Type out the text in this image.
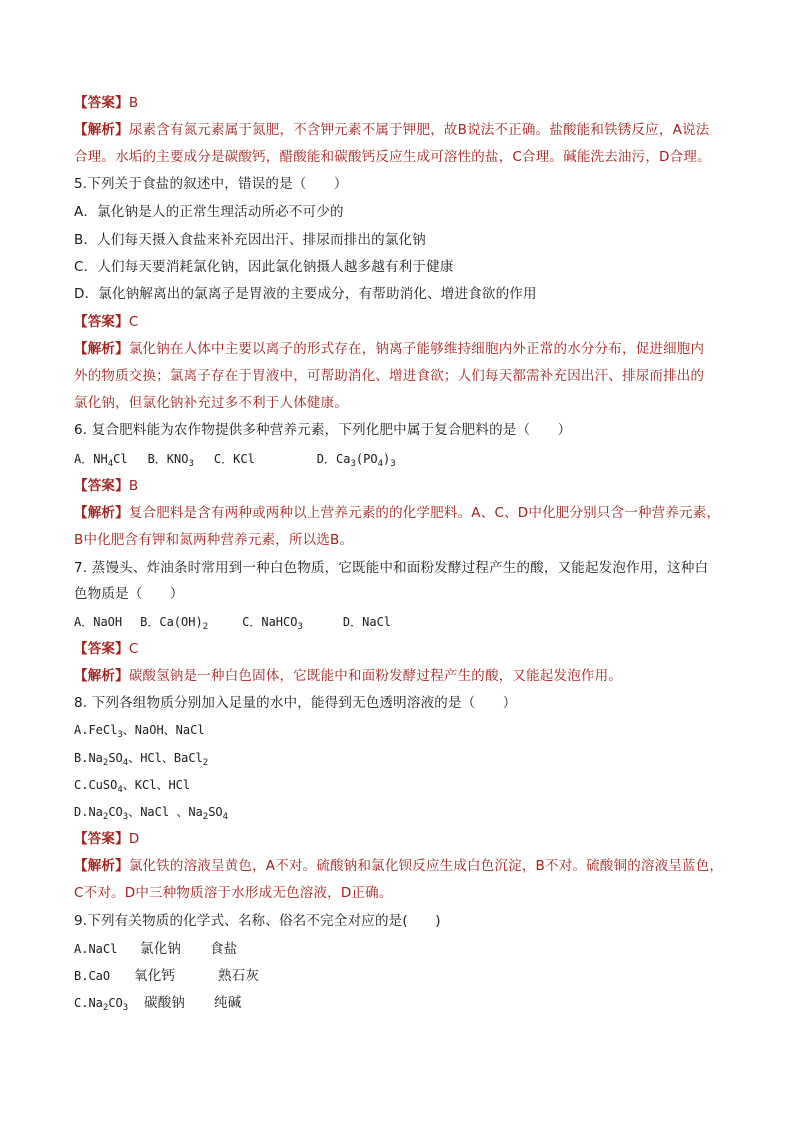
【答案】B
【解析】尿素含有氮元素属于氮肥，不含钾元素不属于钾肥，故B说法不正确。盐酸能和铁锈反应，A说法
合理。水垢的主要成分是碳酸钙，醋酸能和碳酸钙反应生成可溶性的盐，C合理。碱能洗去油污，D合理。
5.下列关于食盐的叙述中，错误的是（　　）
A．氯化钠是人的正常生理活动所必不可少的
B．人们每天摄入食盐来补充因出汗、排尿而排出的氯化钠
C．人们每天要消耗氯化钠，因此氯化钠摄人越多越有利于健康
D．氯化钠解离出的氯离子是胃液的主要成分，有帮助消化、增进食欲的作用
【答案】C
【解析】氯化钠在人体中主要以离子的形式存在，钠离子能够维持细胞内外正常的水分分布，促进细胞内
外的物质交换；氯离子存在于胃液中，可帮助消化、增进食欲；人们每天都需补充因出汗、排尿而排出的
氯化钠，但氯化钠补充过多不利于人体健康。
6. 复合肥料能为农作物提供多种营养元素，下列化肥中属于复合肥料的是（　　）
A．$NH_4Cl$ B．$KNO_3$ C．KCl	D．$Ca_3(PO_4)_3$
【答案】B
【解析】复合肥料是含有两种或两种以上营养元素的的化学肥料。A、C、D中化肥分别只含一种营养元素，
B中化肥含有钾和氮两种营养元素，所以选B。
7. 蒸馒头、炸油条时常用到一种白色物质，它既能中和面粉发酵过程产生的酸，又能起发泡作用，这种白
色物质是（　　）
A．NaOH B．$Ca(OH)_2$	C．NaHCO$_3$	D．NaCl
【答案】C
【解析】碳酸氢钠是一种白色固体，它既能中和面粉发酵过程产生的酸，又能起发泡作用。
8. 下列各组物质分别加入足量的水中，能得到无色透明溶液的是（　　）
A.FeCl$_3$、NaOH、NaCl
$B.Na_2SO_4$、HCl、BaCl$_2$
C.CuSO$_4$、KCl、HCl
$D.Na_2CO_3$、NaCl 、$Na_2SO_4$
【答案】D
【解析】氯化铁的溶液呈黄色，A不对。硫酸钠和氯化钡反应生成白色沉淀，B不对。硫酸铜的溶液呈蓝色，
C不对。D中三种物质溶于水形成无色溶液，D正确。
9.下列有关物质的化学式、名称、俗名不完全对应的是(　　)
A.NaCl 氯化钠 食盐
B.CaO 氧化钙	熟石灰
$C.Na_2CO_3$ 碳酸钠 纯碱
